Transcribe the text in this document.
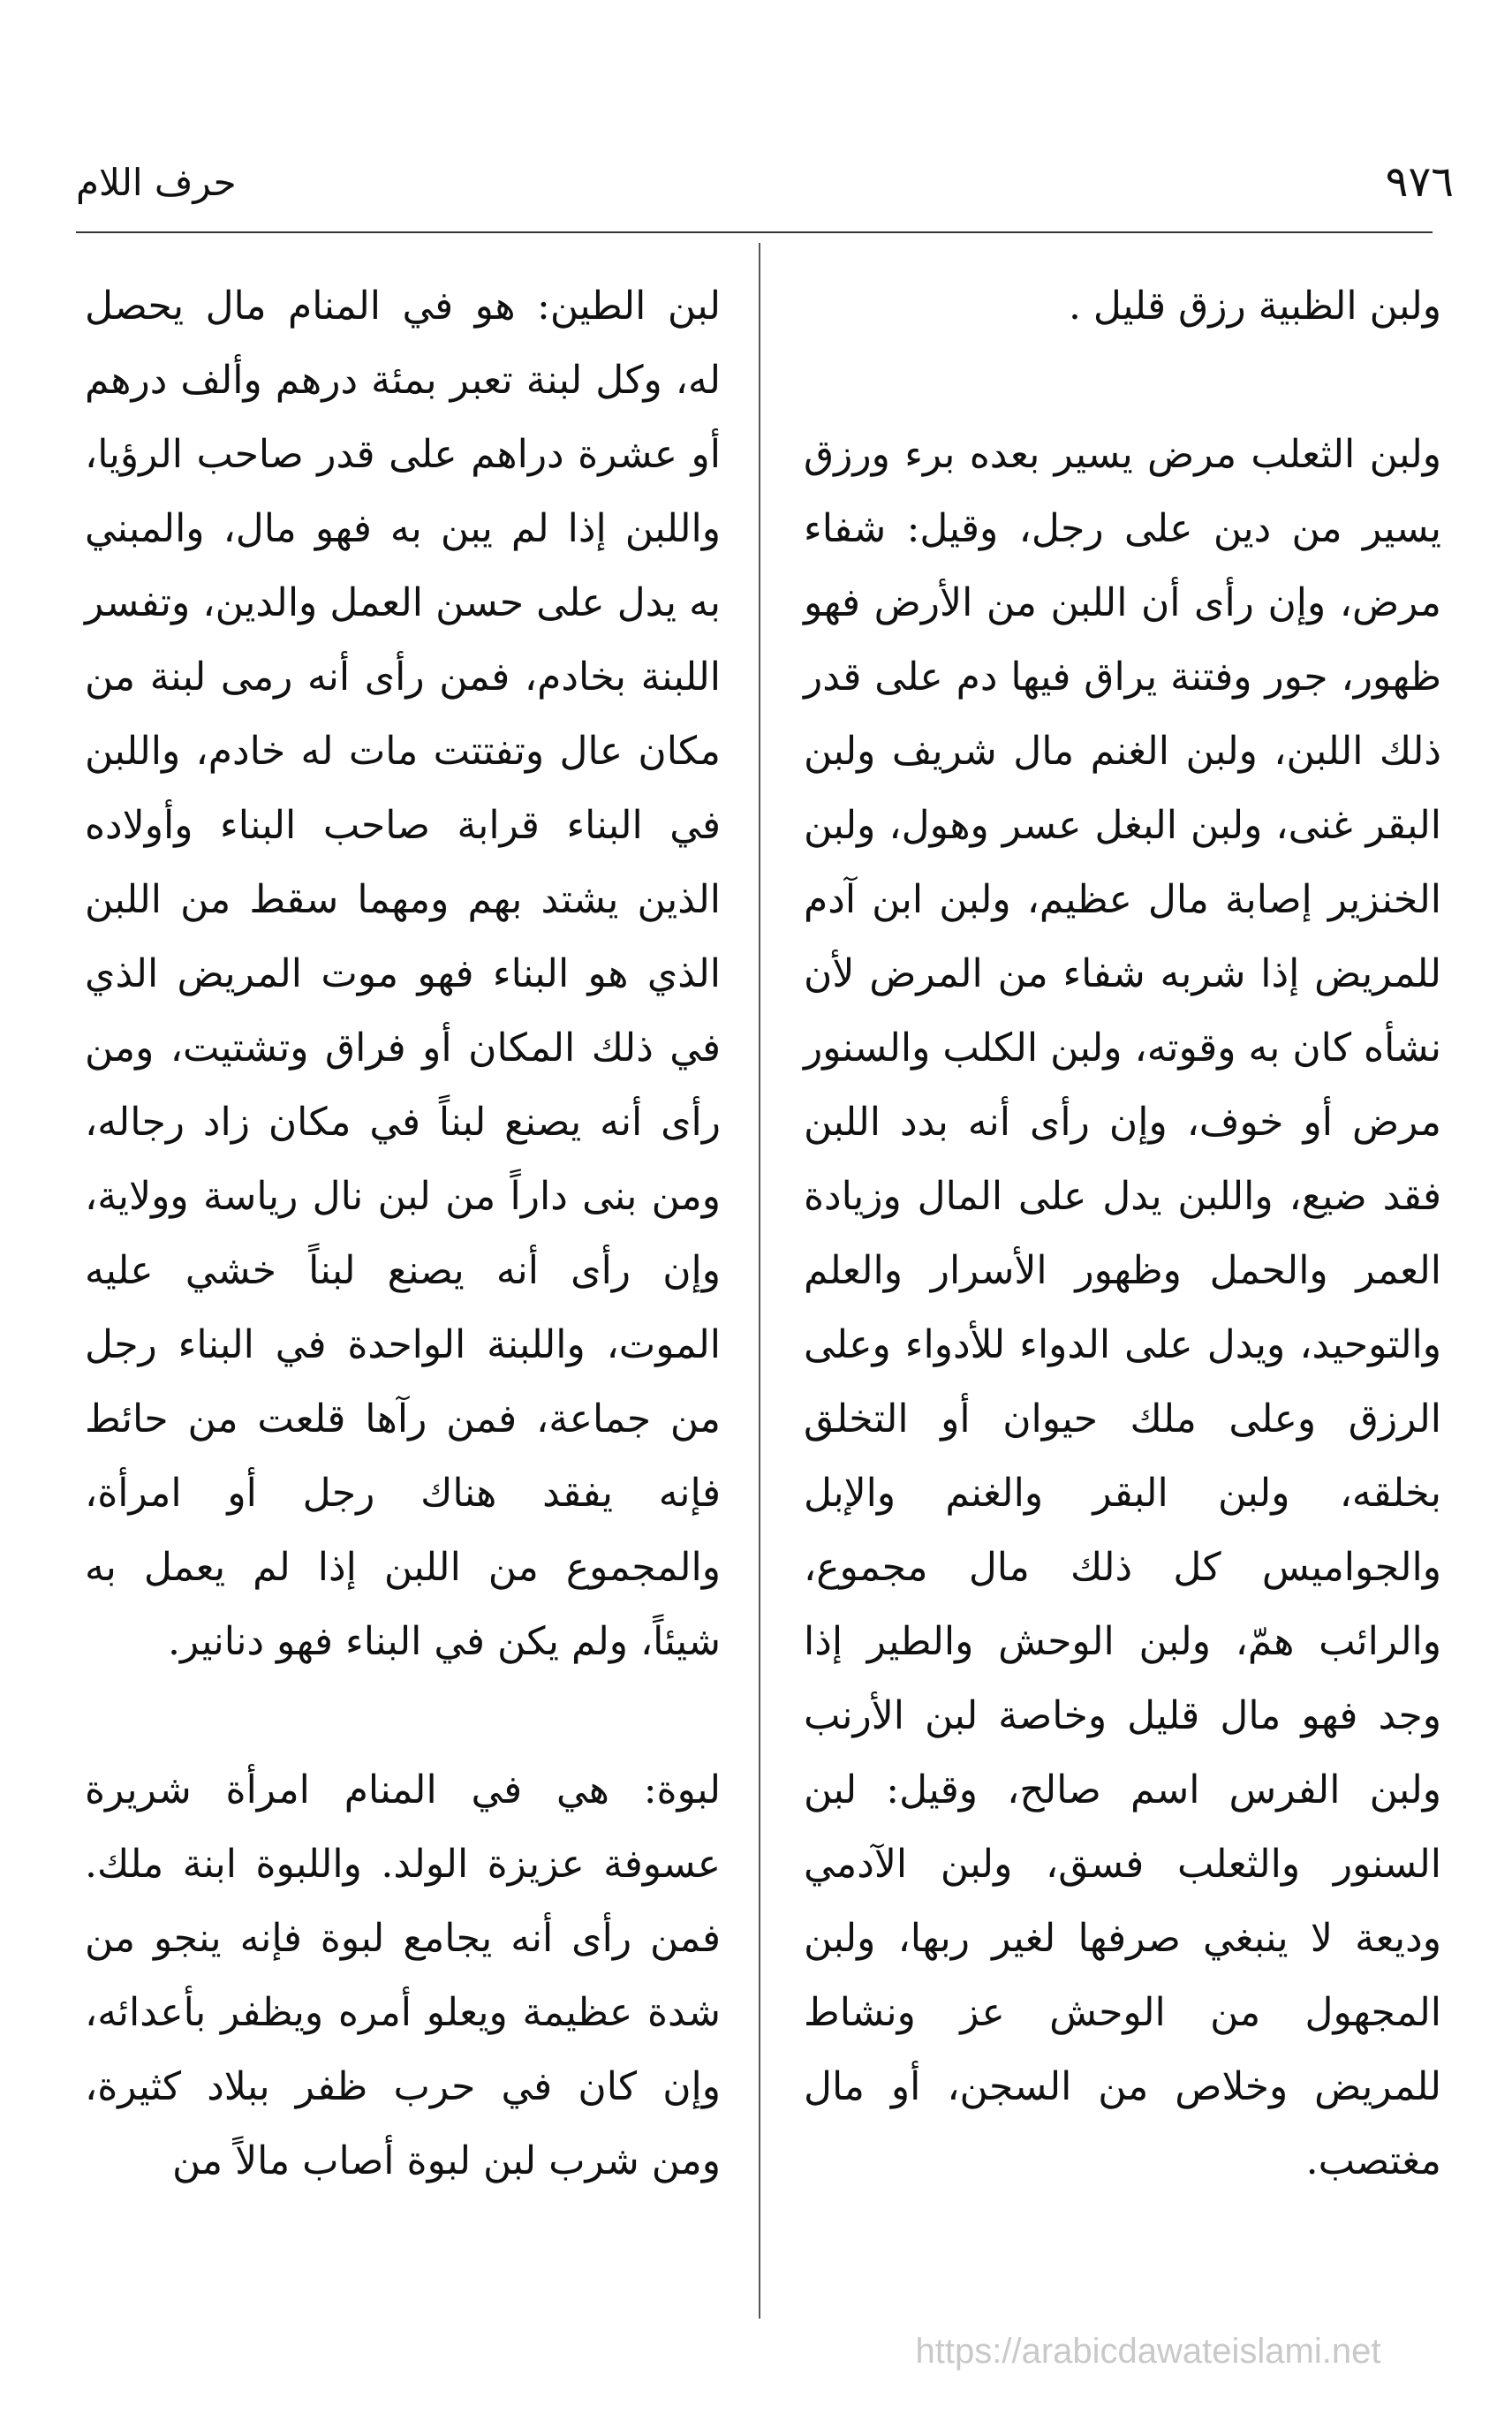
٩٧٦
حرف اللام

ولبن الظبية رزق قليل .

ولبن الثعلب مرض يسير بعده برء ورزق يسير من دين على رجل، وقيل: شفاء مرض، وإن رأى أن اللبن من الأرض فهو ظهور، جور وفتنة يراق فيها دم على قدر ذلك اللبن، ولبن الغنم مال شريف ولبن البقر غنى، ولبن البغل عسر وهول، ولبن الخنزير إصابة مال عظيم، ولبن ابن آدم للمريض إذا شربه شفاء من المرض لأن نشأه كان به وقوته، ولبن الكلب والسنور مرض أو خوف، وإن رأى أنه بدد اللبن فقد ضيع، واللبن يدل على المال وزيادة العمر والحمل وظهور الأسرار والعلم والتوحيد، ويدل على الدواء للأدواء وعلى الرزق وعلى ملك حيوان أو التخلق بخلقه، ولبن البقر والغنم والإبل والجواميس كل ذلك مال مجموع، والرائب همّ، ولبن الوحش والطير إذا وجد فهو مال قليل وخاصة لبن الأرنب ولبن الفرس اسم صالح، وقيل: لبن السنور والثعلب فسق، ولبن الآدمي وديعة لا ينبغي صرفها لغير ربها، ولبن المجهول من الوحش عز ونشاط للمريض وخلاص من السجن، أو مال مغتصب.

لبن الطين: هو في المنام مال يحصل له، وكل لبنة تعبر بمئة درهم وألف درهم أو عشرة دراهم على قدر صاحب الرؤيا، واللبن إذا لم يبن به فهو مال، والمبني به يدل على حسن العمل والدين، وتفسر اللبنة بخادم، فمن رأى أنه رمى لبنة من مكان عال وتفتتت مات له خادم، واللبن في البناء قرابة صاحب البناء وأولاده الذين يشتد بهم ومهما سقط من اللبن الذي هو البناء فهو موت المريض الذي في ذلك المكان أو فراق وتشتيت، ومن رأى أنه يصنع لبناً في مكان زاد رجاله، ومن بنى داراً من لبن نال رياسة وولاية، وإن رأى أنه يصنع لبناً خشي عليه الموت، واللبنة الواحدة في البناء رجل من جماعة، فمن رآها قلعت من حائط فإنه يفقد هناك رجل أو امرأة، والمجموع من اللبن إذا لم يعمل به شيئاً، ولم يكن في البناء فهو دنانير.

لبوة: هي في المنام امرأة شريرة عسوفة عزيزة الولد. واللبوة ابنة ملك. فمن رأى أنه يجامع لبوة فإنه ينجو من شدة عظيمة ويعلو أمره ويظفر بأعدائه، وإن كان في حرب ظفر ببلاد كثيرة، ومن شرب لبن لبوة أصاب مالاً من

https://arabicdawateislami.net
